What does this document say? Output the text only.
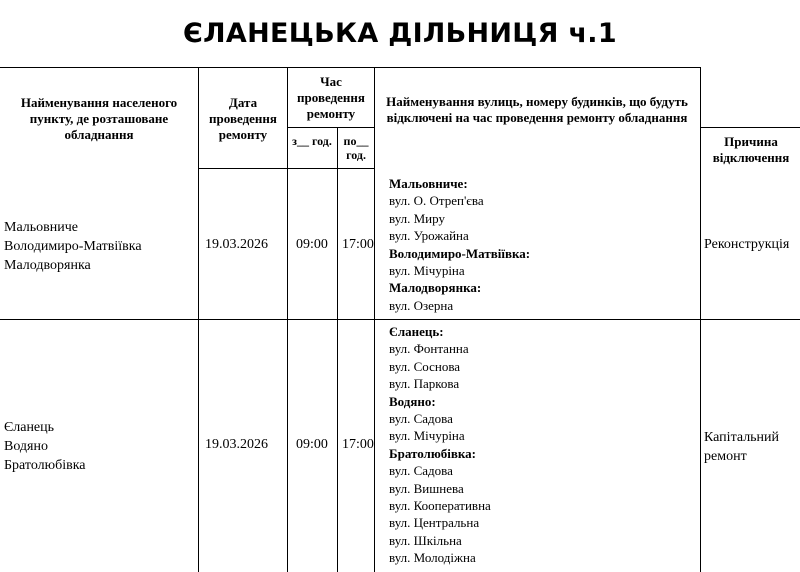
ЄЛАНЕЦЬКА ДІЛЬНИЦЯ ч.1
Найменування населеного пункту, де розташоване обладнання
Дата проведення ремонту
Час проведення ремонту
з__ год. по__ год.
Найменування вулиць, номеру будинків, що будуть відключені на час проведення ремонту обладнання
Причина відключення
Мальовниче
Володимиро-Матвіївка
Малодворянка
19.03.2026 09:00 17:00
Мальовниче:
вул. О. Отреп'єва
вул. Миру
вул. Урожайна
Володимиро-Матвіївка:
вул. Мічуріна
Малодворянка:
вул. Озерна
Реконструкція
Єланець
Водяно
Братолюбівка
19.03.2026 09:00 17:00
Єланець:
вул. Фонтанна
вул. Соснова
вул. Паркова
Водяно:
вул. Садова
вул. Мічуріна
Братолюбівка:
вул. Садова
вул. Вишнева
вул. Кооперативна
вул. Центральна
вул. Шкільна
вул. Молодіжна
Капітальний
ремонт
